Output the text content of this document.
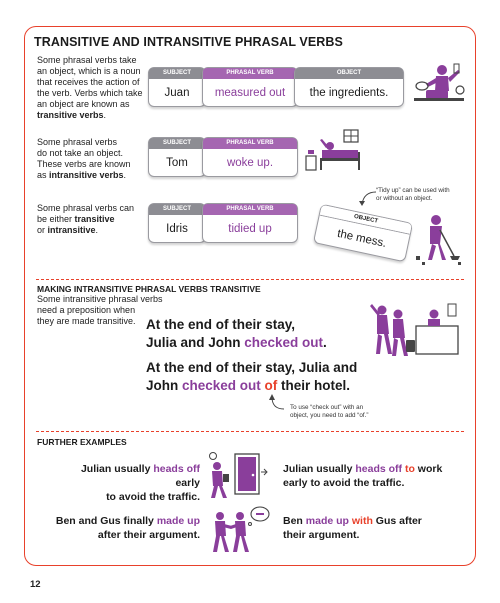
TRANSITIVE AND INTRANSITIVE PHRASAL VERBS
Some phrasal verbs take
an object, which is a noun
that receives the action of
the verb. Verbs which take
an object are known as
transitive verbs.
SUBJECT
Juan
PHRASAL VERB
measured out
OBJECT
the ingredients.
Some phrasal verbs
do not take an object.
These verbs are known
as intransitive verbs.
SUBJECT
Tom
PHRASAL VERB
woke up.
Some phrasal verbs can
be either transitive
or intransitive.
“Tidy up” can be used with
or without an object.
SUBJECT
Idris
PHRASAL VERB
tidied up
OBJECT
the mess.
MAKING INTRANSITIVE PHRASAL VERBS TRANSITIVE
Some intransitive phrasal verbs
need a preposition when
they are made transitive. At the end of their stay,
Julia and John checked out.
At the end of their stay, Julia and
John checked out of their hotel.
To use “check out” with an
object, you need to add “of.”
FURTHER EXAMPLES
Julian usually heads off early
to avoid the traffic.
Julian usually heads off to work
early to avoid the traffic.
Ben and Gus finally made up
after their argument.
Ben made up with Gus after
their argument.
12
